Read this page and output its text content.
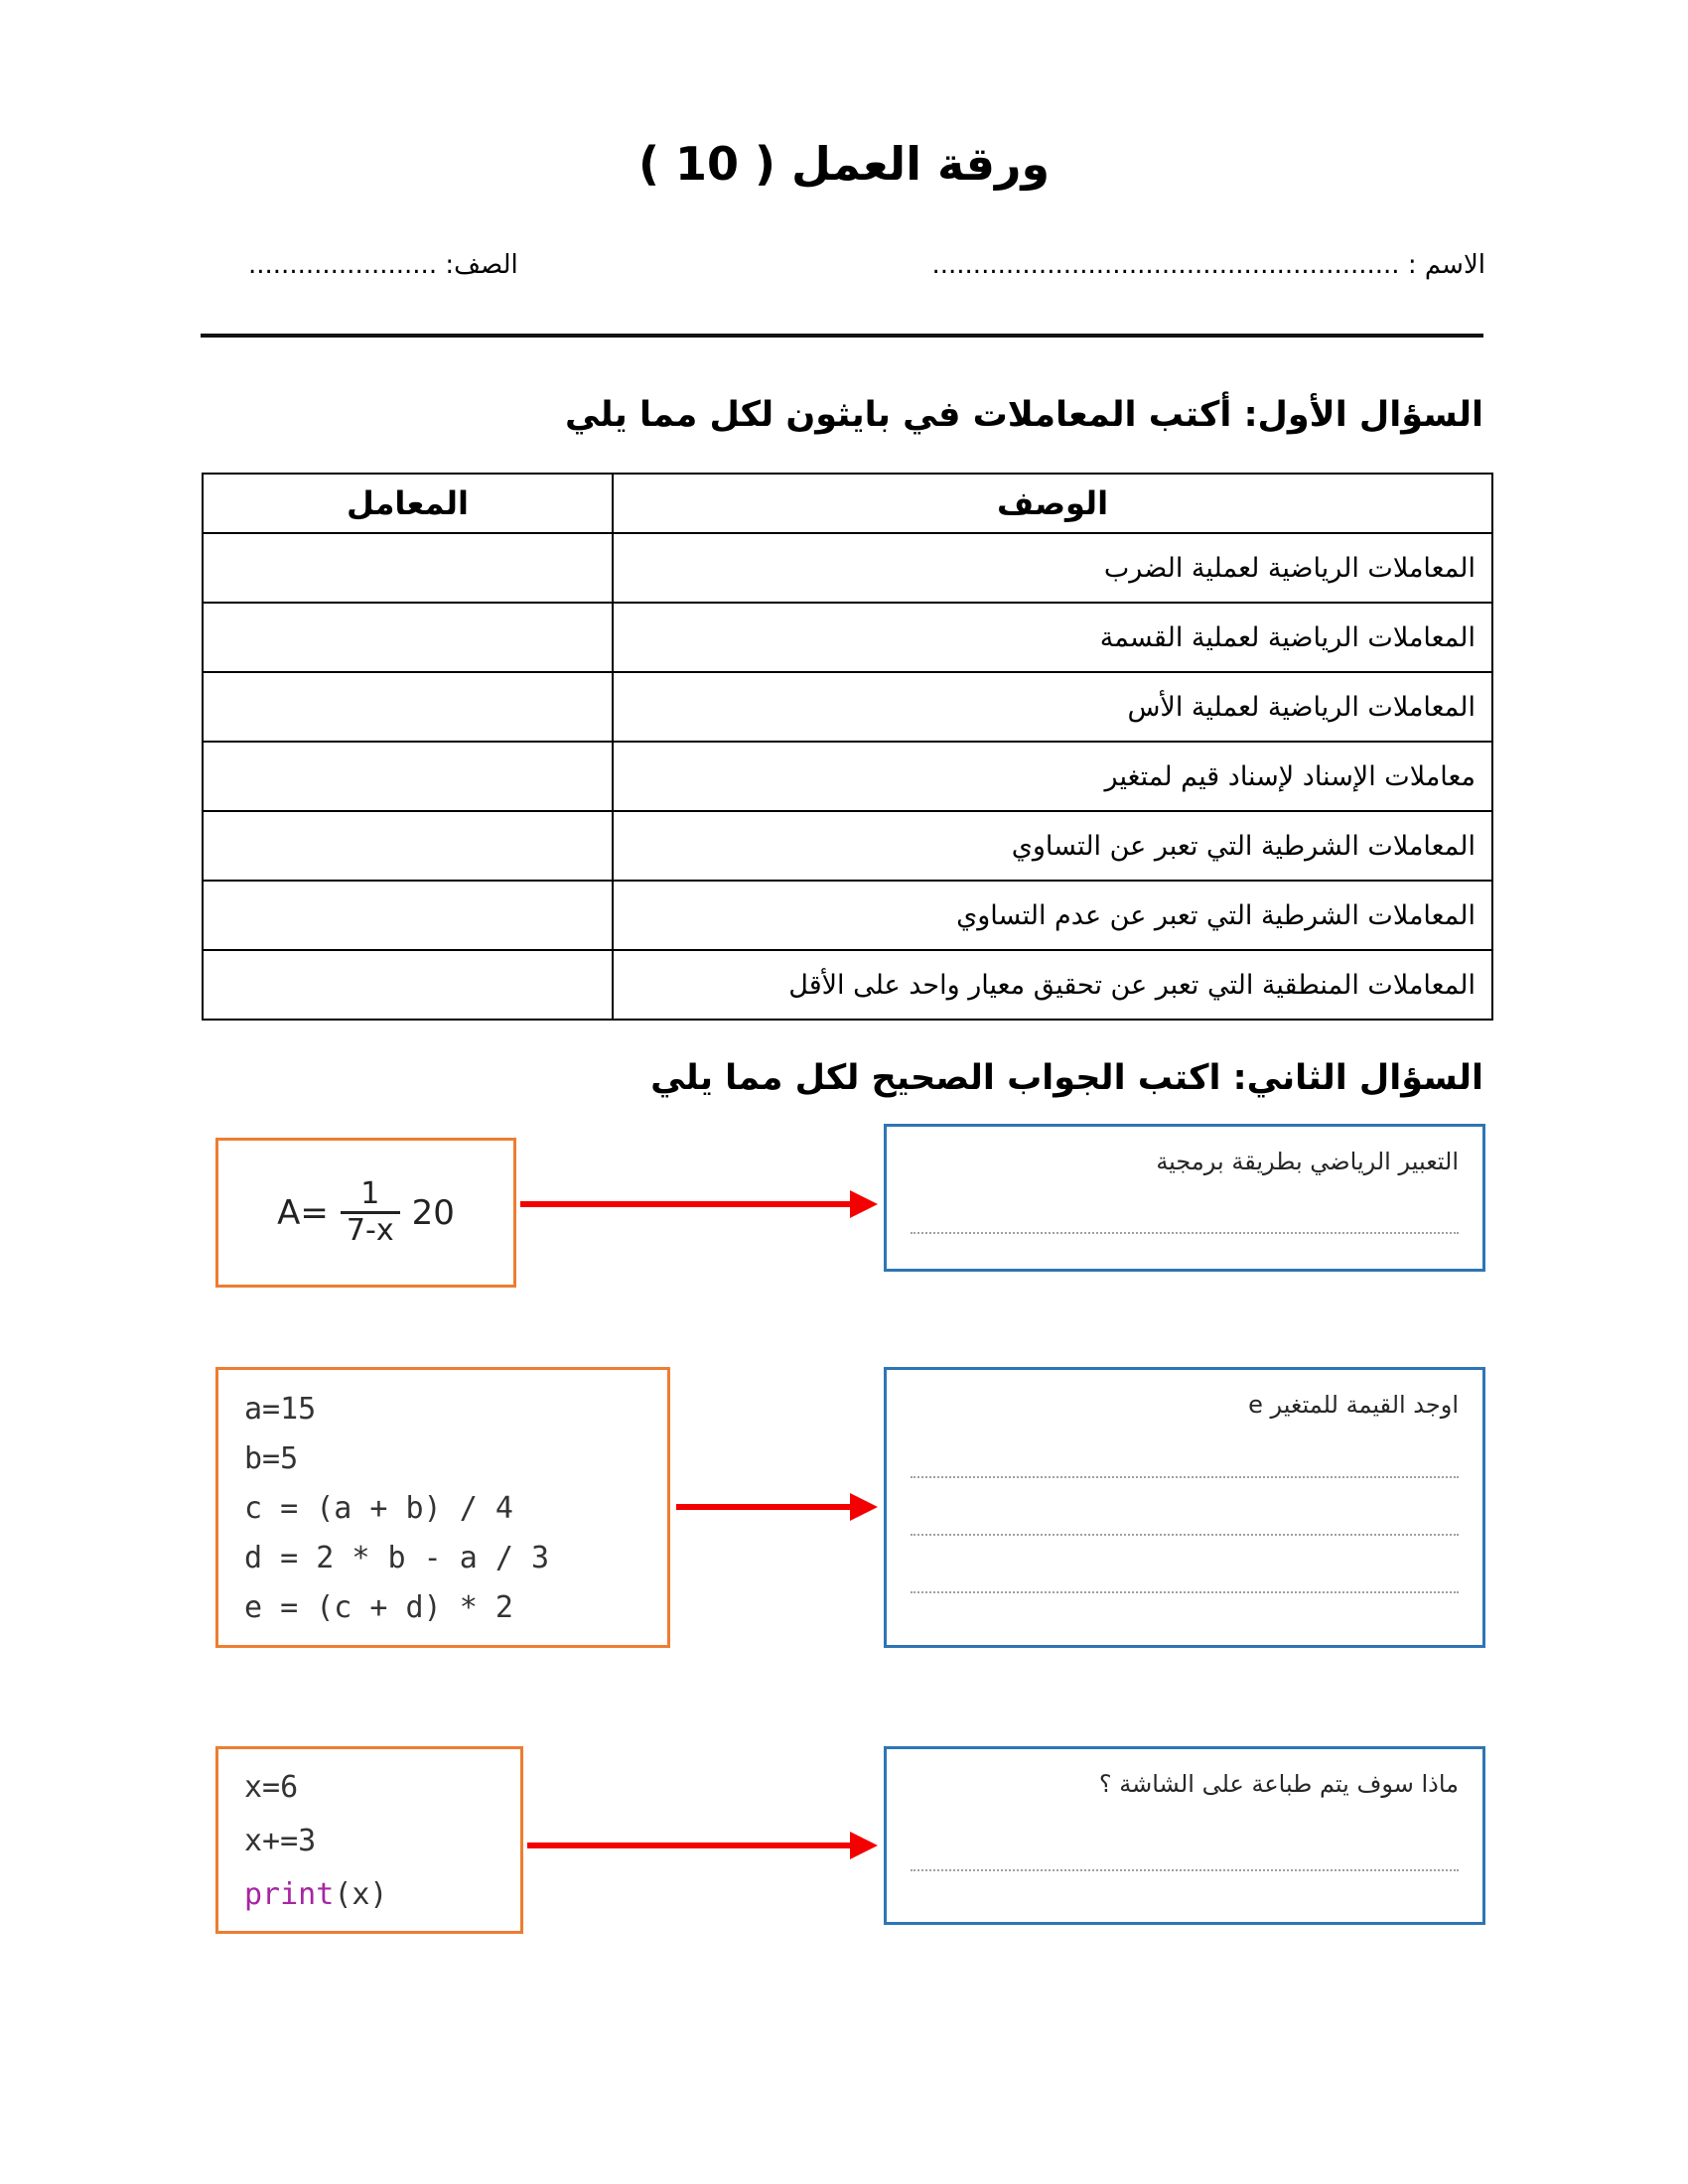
ورقة العمل ( 10 )
الاسم : .........................................................
الصف: .......................
السؤال الأول: أكتب المعاملات في بايثون لكل مما يلي
الوصف	المعامل
المعاملات الرياضية لعملية الضرب	
المعاملات الرياضية لعملية القسمة	
المعاملات الرياضية لعملية الأس	
معاملات الإسناد لإسناد قيم لمتغير	
المعاملات الشرطية التي تعبر عن التساوي	
المعاملات الشرطية التي تعبر عن عدم التساوي	
المعاملات المنطقية التي تعبر عن تحقيق معيار واحد على الأقل	
السؤال الثاني: اكتب الجواب الصحيح لكل مما يلي
$A= \frac{1}{7-x} 20$
التعبير الرياضي بطريقة برمجية
a=15
b=5
c = (a + b) / 4
d = 2 * b - a / 3
e = (c + d) * 2
اوجد القيمة للمتغير e
x=6
x+=3
print(x)
ماذا سوف يتم طباعة على الشاشة ؟
